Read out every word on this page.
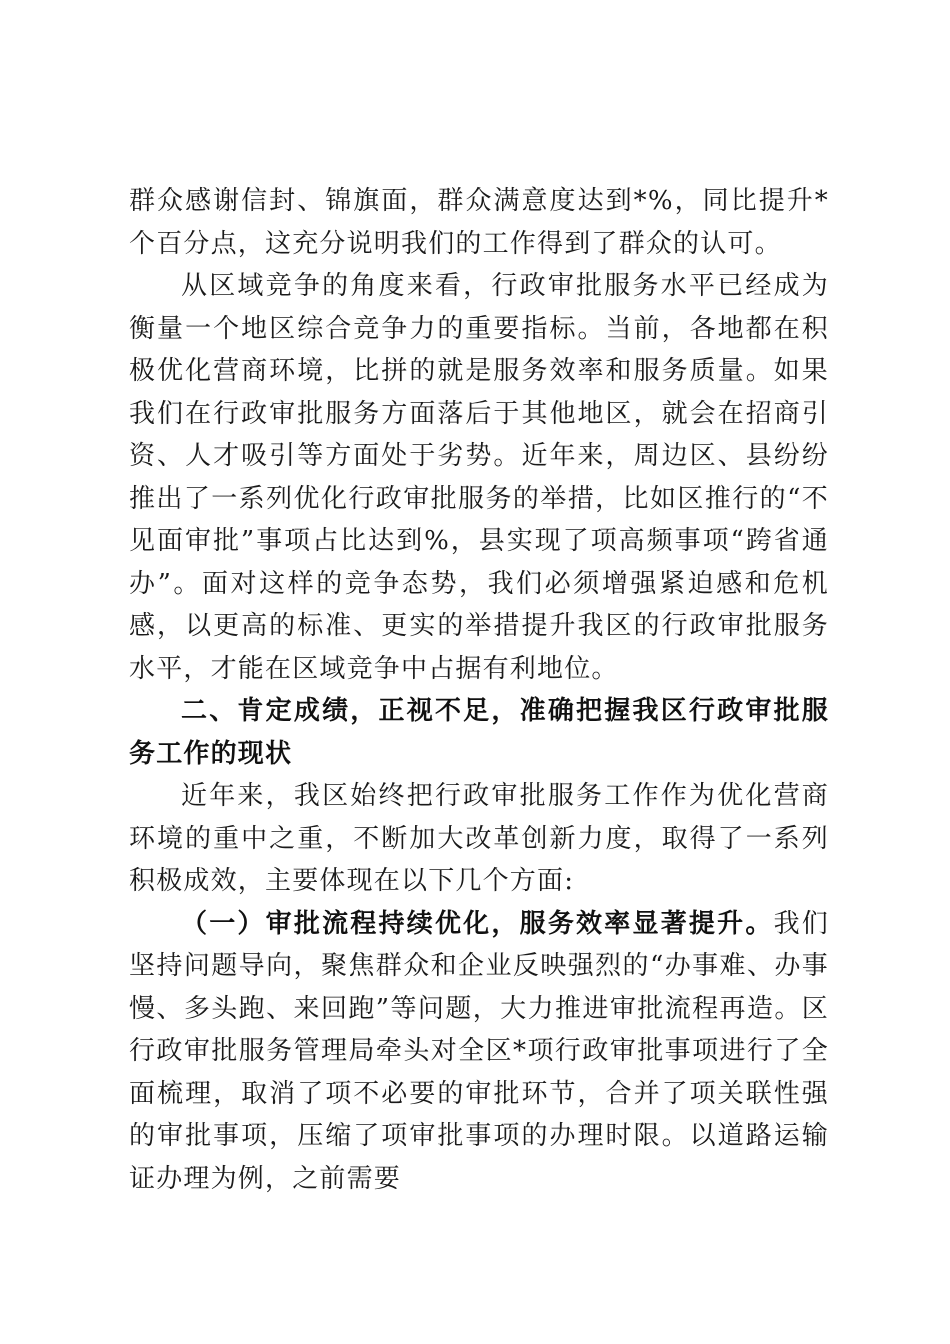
群众感谢信封、锦旗面，群众满意度达到*%，同比提升*个百分点，这充分说明我们的工作得到了群众的认可。

从区域竞争的角度来看，行政审批服务水平已经成为衡量一个地区综合竞争力的重要指标。当前，各地都在积极优化营商环境，比拼的就是服务效率和服务质量。如果我们在行政审批服务方面落后于其他地区，就会在招商引资、人才吸引等方面处于劣势。近年来，周边区、县纷纷推出了一系列优化行政审批服务的举措，比如区推行的“不见面审批”事项占比达到%，县实现了项高频事项“跨省通办”。面对这样的竞争态势，我们必须增强紧迫感和危机感，以更高的标准、更实的举措提升我区的行政审批服务水平，才能在区域竞争中占据有利地位。

二、肯定成绩，正视不足，准确把握我区行政审批服务工作的现状

近年来，我区始终把行政审批服务工作作为优化营商环境的重中之重，不断加大改革创新力度，取得了一系列积极成效，主要体现在以下几个方面:

（一）审批流程持续优化，服务效率显著提升。我们坚持问题导向，聚焦群众和企业反映强烈的“办事难、办事慢、多头跑、来回跑”等问题，大力推进审批流程再造。区行政审批服务管理局牵头对全区*项行政审批事项进行了全面梳理，取消了项不必要的审批环节，合并了项关联性强的审批事项，压缩了项审批事项的办理时限。以道路运输证办理为例，之前需要
